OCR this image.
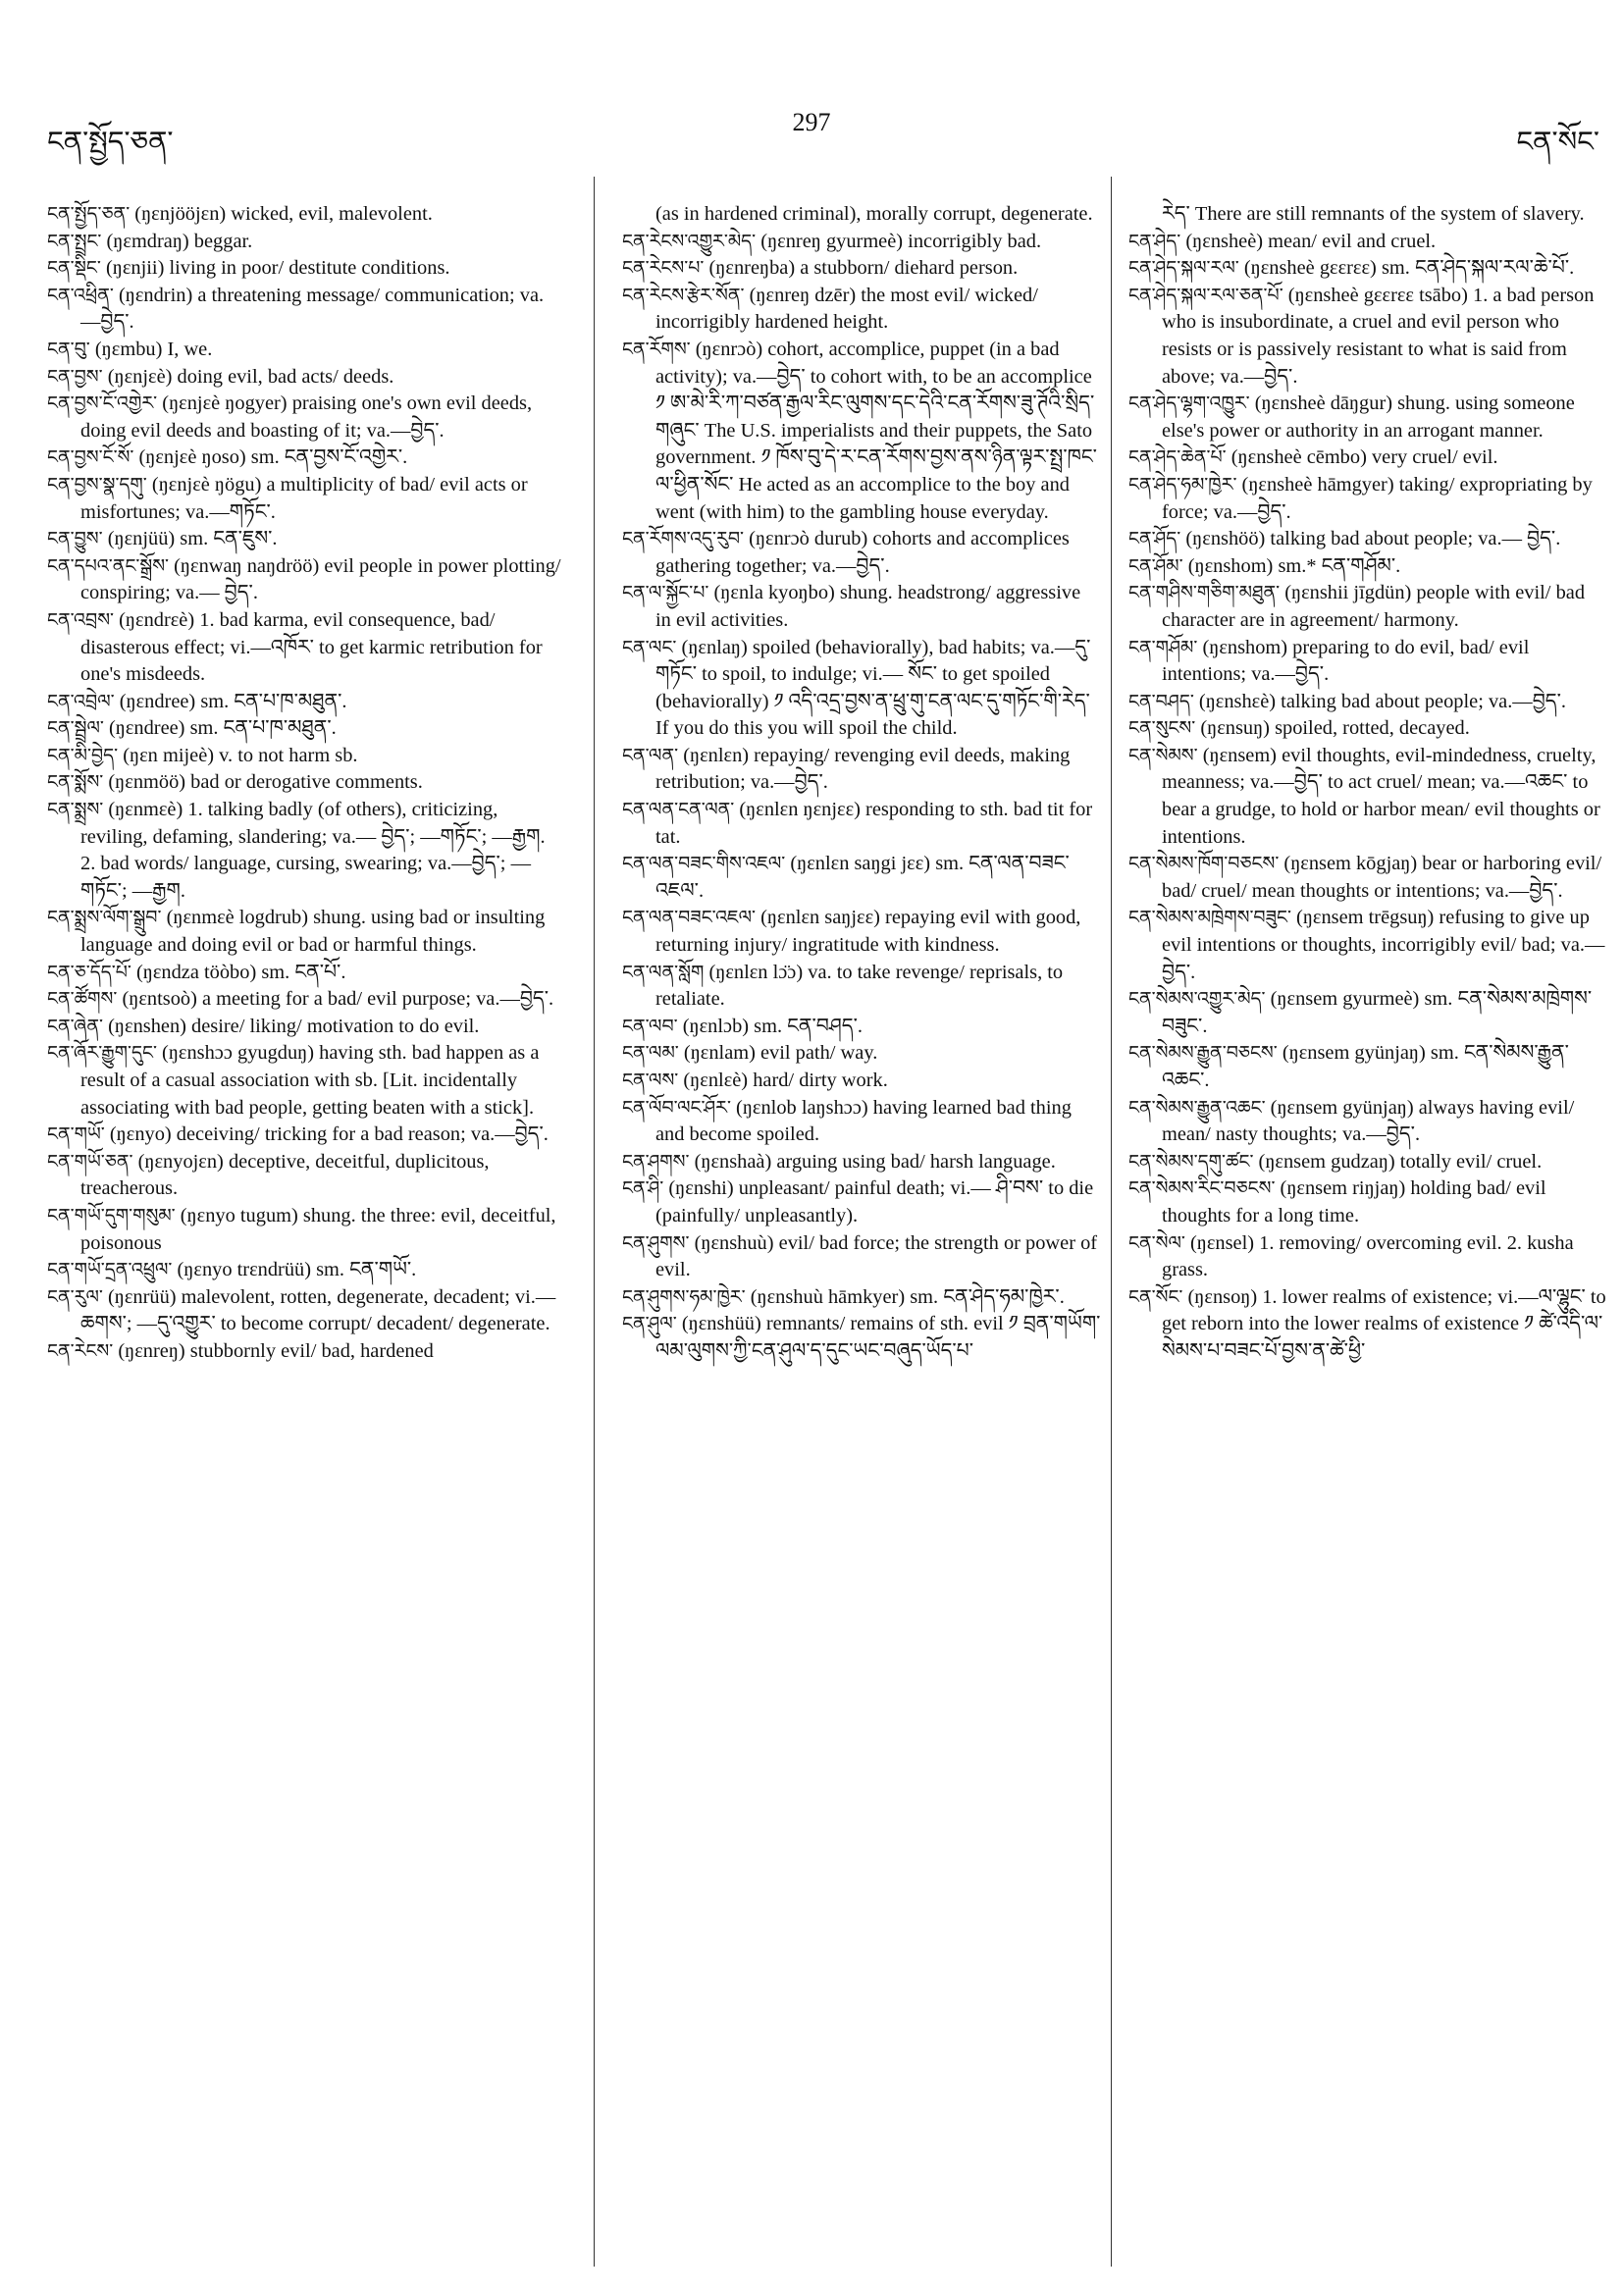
ངན་སྤྱོད་ཅན་
297
ངན་སོང་

ངན་སྤྱོད་ཅན་ (ŋɛnjööjɛn) wicked, evil, malevolent.

ངན་སྤྲང་ (ŋɛmdraŋ) beggar.

ངན་སྡིང་ (ŋɛnjii) living in poor/ destitute conditions.

ངན་འཕྲིན་ (ŋɛndrin) a threatening message/ communication; va.—བྱེད་.

ངན་བུ་ (ŋɛmbu) I, we.

ངན་བྱས་ (ŋɛnjɛè) doing evil, bad acts/ deeds.

ངན་བྱས་ངོ་འགྱེར་ (ŋɛnjɛè ŋogyer) praising one's own evil deeds, doing evil deeds and boasting of it; va.—བྱེད་.

ངན་བྱས་ངོ་སོ་ (ŋɛnjɛè ŋoso) sm. ངན་བྱས་ངོ་འགྱེར་.

ངན་བྱས་སྣ་དགུ་ (ŋɛnjɛè ŋögu) a multiplicity of bad/ evil acts or misfortunes; va.—གཏོང་.

ངན་བྱུས་ (ŋɛnjüü) sm. ངན་ཇུས་.

ངན་དཔའ་ནང་སྒྲོས་ (ŋɛnwaŋ naŋdröö) evil people in power plotting/ conspiring; va.— བྱེད་.

ངན་འབྲས་ (ŋɛndrɛè) 1. bad karma, evil consequence, bad/ disasterous effect; vi.—འཁོར་ to get karmic retribution for one's misdeeds.

ངན་འབྲེལ་ (ŋɛndree) sm. ངན་པ་ཁ་མཐུན་.

ངན་སྦྲེལ་ (ŋɛndree) sm. ངན་པ་ཁ་མཐུན་.

ངན་མི་བྱེད་ (ŋɛn mijeè) v. to not harm sb.

ངན་སྨོས་ (ŋɛnmöö) bad or derogative comments.

ངན་སྨྲས་ (ŋɛnmɛè) 1. talking badly (of others), criticizing, reviling, defaming, slandering; va.— བྱེད་; —གཏོང་; —རྒྱག. 2. bad words/ language, cursing, swearing; va.—བྱེད་; —གཏོང་; —རྒྱག.

ངན་སྨྲས་ལོག་སྒྲུབ་ (ŋɛnmɛè logdrub) shung. using bad or insulting language and doing evil or bad or harmful things.

ངན་ཅ་དོད་པོ་ (ŋɛndza töòbo) sm. ངན་པོ་.

ངན་ཚོགས་ (ŋɛntsoò) a meeting for a bad/ evil purpose; va.—བྱེད་.

ངན་ཞེན་ (ŋɛnshen) desire/ liking/ motivation to do evil.

ངན་ཞོར་རྒྱུག་དུང་ (ŋɛnshɔɔ gyugduŋ) having sth. bad happen as a result of a casual association with sb. [Lit. incidentally associating with bad people, getting beaten with a stick].

ངན་གཡོ་ (ŋɛnyo) deceiving/ tricking for a bad reason; va.—བྱེད་.

ངན་གཡོ་ཅན་ (ŋɛnyojɛn) deceptive, deceitful, duplicitous, treacherous.

ངན་གཡོ་དུག་གསུམ་ (ŋɛnyo tugum) shung. the three: evil, deceitful, poisonous

ངན་གཡོ་དྲན་འཕྲུལ་ (ŋɛnyo trɛndrüü) sm. ངན་གཡོ་.

ངན་རུལ་ (ŋɛnrüü) malevolent, rotten, degenerate, decadent; vi.—ཆགས་; —དུ་འགྱུར་ to become corrupt/ decadent/ degenerate.

ངན་རེངས་ (ŋɛnreŋ) stubbornly evil/ bad, hardened

(as in hardened criminal), morally corrupt, degenerate.

ངན་རེངས་འགྱུར་མེད་ (ŋɛnreŋ gyurmeè) incorrigibly bad.

ངན་རེངས་པ་ (ŋɛnreŋba) a stubborn/ diehard person.

ངན་རེངས་རྩེར་སོན་ (ŋɛnreŋ dzēr) the most evil/ wicked/ incorrigibly hardened height.

ངན་རོགས་ (ŋɛnrɔò) cohort, accomplice, puppet (in a bad activity); va.—བྱེད་ to cohort with, to be an accomplice ༡ ཨ་མེ་རི་ཀ་བཙན་རྒྱལ་རིང་ལུགས་དང་དེའི་ངན་རོགས་ཟུ་ཊོའི་སྲིད་གཞུང་ The U.S. imperialists and their puppets, the Sato government. ༡ ཁོས་བུ་དེ་ར་ངན་རོགས་བྱས་ནས་ཉིན་ལྟར་སྤྲ་ཁང་ལ་ཕྱིན་སོང་ He acted as an accomplice to the boy and went (with him) to the gambling house everyday.

ངན་རོགས་འདུ་རུབ་ (ŋɛnrɔò durub) cohorts and accomplices gathering together; va.—བྱེད་.

ངན་ལ་སྐྱོང་པ་ (ŋɛnla kyoŋbo) shung. headstrong/ aggressive in evil activities.

ངན་ལང་ (ŋɛnlaŋ) spoiled (behaviorally), bad habits; va.—དུ་གཏོང་ to spoil, to indulge; vi.— སོང་ to get spoiled (behaviorally) ༡ འདི་འདྲ་བྱས་ན་ཕྲུ་གུ་ངན་ལང་དུ་གཏོང་གི་རེད་ If you do this you will spoil the child.

ངན་ལན་ (ŋɛnlɛn) repaying/ revenging evil deeds, making retribution; va.—བྱེད་.

ངན་ལན་ངན་ལན་ (ŋɛnlɛn ŋɛnjɛɛ) responding to sth. bad tit for tat.

ངན་ལན་བཟང་གིས་འཇལ་ (ŋɛnlɛn saŋgi jɛɛ) sm. ངན་ལན་བཟང་འཇལ་.

ངན་ལན་བཟང་འཇལ་ (ŋɛnlɛn saŋjɛɛ) repaying evil with good, returning injury/ ingratitude with kindness.

ངན་ལན་སློག (ŋɛnlɛn lɔ̈ɔ) va. to take revenge/ reprisals, to retaliate.

ངན་ལབ་ (ŋɛnlɔb) sm. ངན་བཤད་.

ངན་ལམ་ (ŋɛnlam) evil path/ way.

ངན་ལས་ (ŋɛnlɛè) hard/ dirty work.

ངན་ལོབ་ལང་ཤོར་ (ŋɛnlob laŋshɔɔ) having learned bad thing and become spoiled.

ངན་ཤགས་ (ŋɛnshaà) arguing using bad/ harsh language.

ངན་ཤི་ (ŋɛnshi) unpleasant/ painful death; vi.— ཤི་བས་ to die (painfully/ unpleasantly).

ངན་ཤུགས་ (ŋɛnshuù) evil/ bad force; the strength or power of evil.

ངན་ཤུགས་ཧམ་ཁྱེར་ (ŋɛnshuù hāmkyer) sm. ངན་ཤེད་ཧམ་ཁྱེར་.

ངན་ཤུལ་ (ŋɛnshüü) remnants/ remains of sth. evil ༡ བྲན་གཡོག་ལམ་ལུགས་ཀྱི་ངན་ཤུལ་ད་དུང་ཡང་བཞུད་ཡོད་པ་

རེད་ There are still remnants of the system of slavery.

ངན་ཤེད་ (ŋɛnsheè) mean/ evil and cruel.

ངན་ཤེད་སྐལ་རལ་ (ŋɛnsheè gɛɛrɛɛ) sm. ངན་ཤེད་སྐལ་རལ་ཆེ་པོ་.

ངན་ཤེད་སྐལ་རལ་ཅན་པོ་ (ŋɛnsheè gɛɛrɛɛ tsābo) 1. a bad person who is insubordinate, a cruel and evil person who resists or is passively resistant to what is said from above; va.—བྱེད་.

ངན་ཤེད་ལྷག་འཁྱུར་ (ŋɛnsheè dāŋgur) shung. using someone else's power or authority in an arrogant manner.

ངན་ཤེད་ཆེན་པོ་ (ŋɛnsheè cēmbo) very cruel/ evil.

ངན་ཤེད་ཧམ་ཁྱེར་ (ŋɛnsheè hāmgyer) taking/ expropriating by force; va.—བྱེད་.

ངན་ཤོད་ (ŋɛnshöö) talking bad about people; va.— བྱེད་.

ངན་ཤོམ་ (ŋɛnshom) sm.* ངན་གཤོམ་.

ངན་གཤིས་གཅིག་མཐུན་ (ŋɛnshii jīgdün) people with evil/ bad character are in agreement/ harmony.

ངན་གཤོམ་ (ŋɛnshom) preparing to do evil, bad/ evil intentions; va.—བྱེད་.

ངན་བཤད་ (ŋɛnshɛè) talking bad about people; va.—བྱེད་.

ངན་སུངས་ (ŋɛnsuŋ) spoiled, rotted, decayed.

ངན་སེམས་ (ŋɛnsem) evil thoughts, evil-mindedness, cruelty, meanness; va.—བྱེད་ to act cruel/ mean; va.—འཆང་ to bear a grudge, to hold or harbor mean/ evil thoughts or intentions.

ངན་སེམས་ཁོག་བཅངས་ (ŋɛnsem kōgjaŋ) bear or harboring evil/ bad/ cruel/ mean thoughts or intentions; va.—བྱེད་.

ངན་སེམས་མཁྲེགས་བཟུང་ (ŋɛnsem trēgsuŋ) refusing to give up evil intentions or thoughts, incorrigibly evil/ bad; va.—བྱེད་.

ངན་སེམས་འགྱུར་མེད་ (ŋɛnsem gyurmeè) sm. ངན་སེམས་མཁྲེགས་བཟུང་.

ངན་སེམས་རྒྱུན་བཅངས་ (ŋɛnsem gyünjaŋ) sm. ངན་སེམས་རྒྱུན་འཆང་.

ངན་སེམས་རྒྱུན་འཆང་ (ŋɛnsem gyünjaŋ) always having evil/ mean/ nasty thoughts; va.—བྱེད་.

ངན་སེམས་དགུ་ཚང་ (ŋɛnsem gudzaŋ) totally evil/ cruel.

ངན་སེམས་རིང་བཅངས་ (ŋɛnsem riŋjaŋ) holding bad/ evil thoughts for a long time.

ངན་སེལ་ (ŋɛnsel) 1. removing/ overcoming evil. 2. kusha grass.

ངན་སོང་ (ŋɛnsoŋ) 1. lower realms of existence; vi.—ལ་ལྷུང་ to get reborn into the lower realms of existence ༡ ཚེ་འདི་ལ་སེམས་པ་བཟང་པོ་བྱས་ན་ཚེ་ཕྱི་
